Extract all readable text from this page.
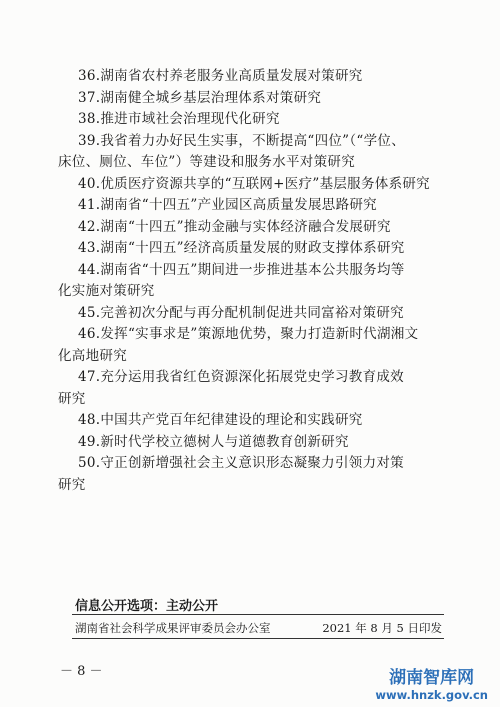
36.湖南省农村养老服务业高质量发展对策研究
37.湖南健全城乡基层治理体系对策研究
38.推进市域社会治理现代化研究
39.我省着力办好民生实事，不断提高“四位”（“学位、
床位、厕位、车位”）等建设和服务水平对策研究
40.优质医疗资源共享的“互联网+医疗”基层服务体系研究
41.湖南省“十四五”产业园区高质量发展思路研究
42.湖南“十四五”推动金融与实体经济融合发展研究
43.湖南“十四五”经济高质量发展的财政支撑体系研究
44.湖南省“十四五”期间进一步推进基本公共服务均等
化实施对策研究
45.完善初次分配与再分配机制促进共同富裕对策研究
46.发挥“实事求是”策源地优势，聚力打造新时代湖湘文
化高地研究
47.充分运用我省红色资源深化拓展党史学习教育成效
研究
48.中国共产党百年纪律建设的理论和实践研究
49.新时代学校立德树人与道德教育创新研究
50.守正创新增强社会主义意识形态凝聚力引领力对策
研究
信息公开选项：主动公开
湖南省社会科学成果评审委员会办公室	2021 年 8 月 5 日印发
－ 8 －	湖南智库网
www.hnzk.gov.cn
